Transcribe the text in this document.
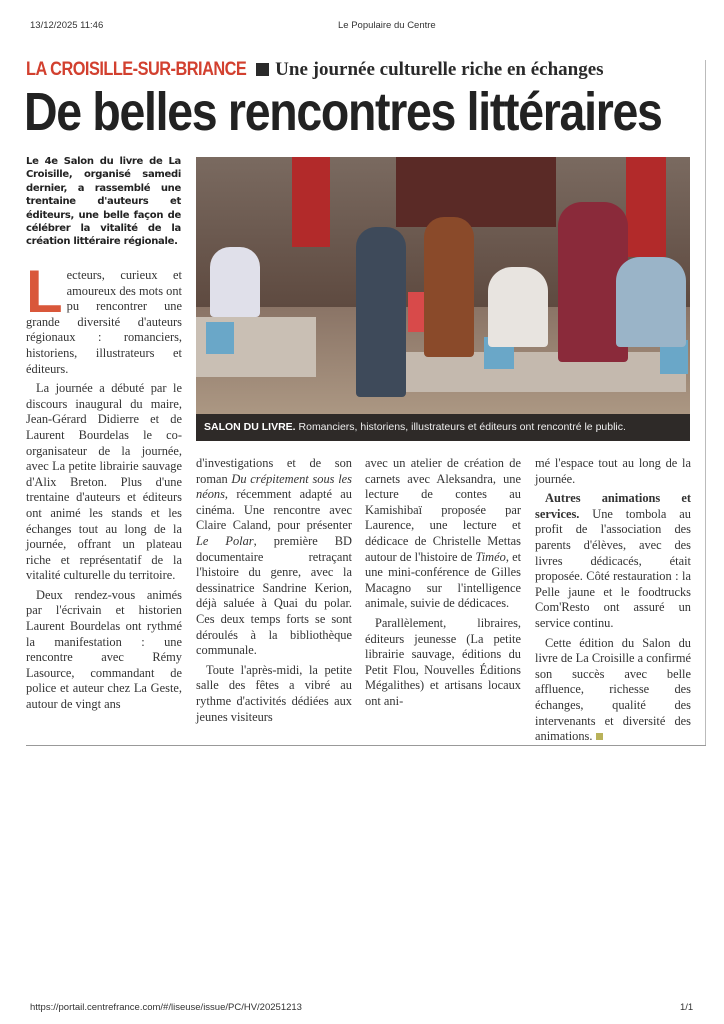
13/12/2025 11:46	Le Populaire du Centre
LA CROISILLE-SUR-BRIANCE Une journée culturelle riche en échanges
De belles rencontres littéraires
Le 4e Salon du livre de La Croisille, organisé samedi dernier, a rassemblé une trentaine d'auteurs et éditeurs, une belle façon de célébrer la vitalité de la création littéraire régionale.
SALON DU LIVRE. Romanciers, historiens, illustrateurs et éditeurs ont rencontré le public.

Lecteurs, curieux et amoureux des mots ont pu rencontrer une grande diversité d'auteurs régionaux : romanciers, historiens, illustrateurs et éditeurs.

La journée a débuté par le discours inaugural du maire, Jean-Gérard Didierre et de Laurent Bourdelas le co-organisateur de la journée, avec La petite librairie sauvage d'Alix Breton. Plus d'une trentaine d'auteurs et éditeurs ont animé les stands et les échanges tout au long de la journée, offrant un plateau riche et représentatif de la vitalité culturelle du territoire.

Deux rendez-vous animés par l'écrivain et historien Laurent Bourdelas ont rythmé la manifestation : une rencontre avec Rémy Lasource, commandant de police et auteur chez La Geste, autour de vingt ans

d'investigations et de son roman Du crépitement sous les néons, récemment adapté au cinéma. Une rencontre avec Claire Caland, pour présenter Le Polar, première BD documentaire retraçant l'histoire du genre, avec la dessinatrice Sandrine Kerion, déjà saluée à Quai du polar. Ces deux temps forts se sont déroulés à la bibliothèque communale.

Toute l'après-midi, la petite salle des fêtes a vibré au rythme d'activités dédiées aux jeunes visiteurs

avec un atelier de création de carnets avec Aleksandra, une lecture de contes au Kamishibaï proposée par Laurence, une lecture et dédicace de Christelle Mettas autour de l'histoire de Timéo, et une mini-conférence de Gilles Macagno sur l'intelligence animale, suivie de dédicaces.

Parallèlement, libraires, éditeurs jeunesse (La petite librairie sauvage, éditions du Petit Flou, Nouvelles Éditions Mégalithes) et artisans locaux ont ani-

mé l'espace tout au long de la journée.

Autres animations et services. Une tombola au profit de l'association des parents d'élèves, avec des livres dédicacés, était proposée. Côté restauration : la Pelle jaune et le foodtrucks Com'Resto ont assuré un service continu.

Cette édition du Salon du livre de La Croisille a confirmé son succès avec belle affluence, richesse des échanges, qualité des intervenants et diversité des animations.

https://portail.centrefrance.com/#/liseuse/issue/PC/HV/20251213	1/1
